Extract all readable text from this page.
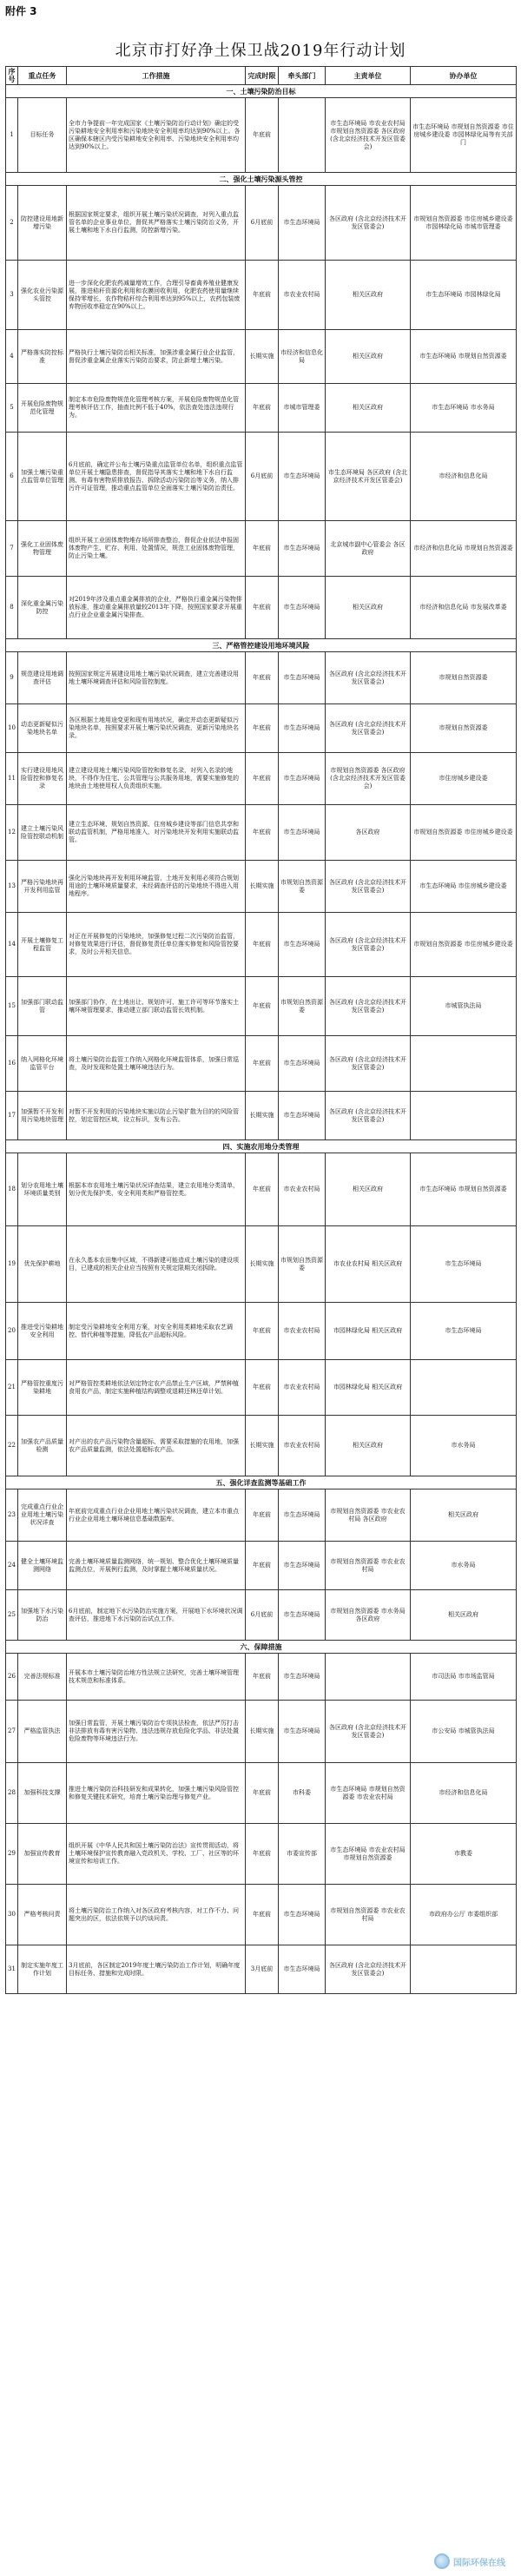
附件 3
北京市打好净土保卫战2019年行动计划
序号	重点任务	工作措施	完成时限	牵头部门	主责单位	协办单位
一、土壤污染防治目标						
1	目标任务	全市力争提前一年完成国家《土壤污染防治行动计划》确定的受污染耕地安全利用率和污染地块安全利用率均达到90%以上。各区确保本辖区内受污染耕地安全利用率、污染地块安全利用率均达到90%以上。	年底前		市生态环境局 市农业农村局 市规划自然资源委 各区政府 (含北京经济技术开发区管委会)	市生态环境局 市规划自然资源委 市住房城乡建设委 市园林绿化局等有关部门
二、强化土壤污染源头管控						
2	防控建设用地新增污染	根据国家规定要求，组织开展土壤污染状况调查，对列入重点监管名单的企业事业单位，督促其严格落实土壤污染防治义务，开展土壤和地下水自行监测，防控新增污染。	6月底前	市生态环境局	各区政府 (含北京经济技术开发区管委会)	市规划自然资源委 市住房城乡建设委 市园林绿化局 市城市管理委
3	强化农业污染源头管控	进一步深化化肥农药减量增效工作，合理引导畜禽养殖业健康发展，推进秸秆资源化利用和农膜回收利用，化肥农药使用量继续保持零增长，农作物秸秆综合利用率达到95%以上，农药包装废弃物回收率稳定在90%以上。	年底前	市农业农村局	相关区政府	市生态环境局 市园林绿化局
4	严格落实防控标准	严格执行土壤污染防治相关标准，加强涉重金属行业企业监管，督促涉重金属企业落实污染防治要求，防止新增土壤污染。	长期实施	市经济和信息化局	相关区政府	市生态环境局 市规划自然资源委
5	开展危险废物规范化管理	制定本市危险废物规范化管理考核方案，开展危险废物规范化管理考核评估工作，抽查比例不低于40%，依法查处违法违规行为。	年底前	市城市管理委	相关区政府	市生态环境局 市水务局
6	加强土壤污染重点监管单位管理	6月底前，确定并公布土壤污染重点监管单位名单，组织重点监管单位开展土壤隐患排查，督促指导其落实土壤和地下水自行监测、有毒有害物质排放报告、拆除活动污染防治等义务，纳入排污许可证管理，推动重点监管单位全面落实土壤污染防治责任。	6月底前	市生态环境局	市生态环境局 各区政府 (含北京经济技术开发区管委会)	市经济和信息化局
7	强化工业固体废物管理	组织开展工业固体废物堆存场所排查整治，督促企业依法申报固体废物产生、贮存、利用、处置情况，规范工业固体废物管理，防止污染土壤。	年底前	市生态环境局	北京城市副中心管委会 各区政府	市经济和信息化局 市规划自然资源委
8	深化重金属污染防控	对2019年涉及重点重金属排放的企业，严格执行重金属污染物排放标准，推动重金属排放量较2013年下降，按照国家要求开展重点行业企业重金属污染排查。	年底前	市生态环境局	相关区政府	市经济和信息化局 市发展改革委
三、严格管控建设用地环境风险						
9	规范建设用地调查评估	按照国家规定开展建设用地土壤污染状况调查，建立完善建设用地土壤环境调查评估和风险管控制度。	年底前	市生态环境局	各区政府 (含北京经济技术开发区管委会)	市规划自然资源委
10	动态更新疑似污染地块名单	各区根据土地用途变更和现有用地状况，确定并动态更新疑似污染地块名单，按照要求开展土壤污染状况调查，更新污染地块名录。	年底前	市生态环境局	各区政府 (含北京经济技术开发区管委会)	市规划自然资源委
11	实行建设用地风险管控和修复名录	建立建设用地土壤污染风险管控和修复名录，对列入名录的地块，不得作为住宅、公共管理与公共服务用地，需要实施修复的地块由土地使用权人负责组织实施。	年底前	市生态环境局	市规划自然资源委 各区政府 (含北京经济技术开发区管委会)	市住房城乡建设委
12	建立土壤污染风险管控联动机制	建立生态环境、规划自然资源、住房城乡建设等部门信息共享和联动监管机制，严格用地准入，对污染地块开发利用实施联动监管。	年底前	市生态环境局	各区政府	市规划自然资源委 市住房城乡建设委
13	严格污染地块再开发利用监管	强化污染地块再开发利用环境监管，土地开发利用必须符合规划用途的土壤环境质量要求，未经调查评估的污染地块不得进入用地程序。	长期实施	市规划自然资源委	各区政府 (含北京经济技术开发区管委会)	市生态环境局 市住房城乡建设委
14	开展土壤修复工程监管	对正在开展修复的污染地块，加强修复过程二次污染防治监管，对修复效果进行评估，督促修复责任单位落实修复和风险管控要求，及时公开相关信息。	年底前	市生态环境局	各区政府 (含北京经济技术开发区管委会)	市规划自然资源委 市住房城乡建设委
15	加强部门联动监管	加强部门协作，在土地出让、规划许可、施工许可等环节落实土壤环境管理要求，推动建立部门联动监管长效机制。	年底前	市规划自然资源委	各区政府 (含北京经济技术开发区管委会)	市城管执法局
16	纳入网格化环境监管平台	将土壤污染防治监管工作纳入网格化环境监管体系，加强日常巡查，及时发现和处置土壤环境违法行为。	年底前	市生态环境局	各区政府 (含北京经济技术开发区管委会)	
17	加强暂不开发利用污染地块管理	对暂不开发利用的污染地块实施以防止污染扩散为目的的风险管控，划定管控区域，设立标识，发布公告。	长期实施	市生态环境局	各区政府 (含北京经济技术开发区管委会)	
四、实施农用地分类管理						
18	划分农用地土壤环境质量类别	根据本市农用地土壤污染状况详查结果，建立农用地分类清单，划分优先保护类、安全利用类和严格管控类。	年底前	市农业农村局	相关区政府	市生态环境局 市规划自然资源委
19	优先保护耕地	在永久基本农田集中区域，不得新建可能造成土壤污染的建设项目，已建成的相关企业应当按照有关规定限期关闭拆除。	长期实施	市规划自然资源委	市农业农村局 相关区政府	市生态环境局
20	推进受污染耕地安全利用	制定受污染耕地安全利用方案，对安全利用类耕地采取农艺调控、替代种植等措施，降低农产品超标风险。	年底前	市农业农村局	市园林绿化局 相关区政府	市生态环境局
21	严格管控重度污染耕地	对严格管控类耕地依法划定特定农产品禁止生产区域，严禁种植食用农产品，制定实施种植结构调整或退耕还林还草计划。	年底前	市农业农村局	市园林绿化局 相关区政府	
22	加强农产品质量检测	对产出的农产品污染物含量超标、需要采取措施的农用地，加强农产品质量监测，依法处置超标农产品。	长期实施	市农业农村局	相关区政府	市水务局
五、强化详查监测等基础工作						
23	完成重点行业企业用地土壤污染状况详查	年底前完成重点行业企业用地土壤污染状况调查，建立本市重点行业企业用地土壤环境信息基础数据库。	年底前	市生态环境局	市规划自然资源委 市农业农村局 各区政府	相关区政府
24	健全土壤环境监测网络	完善土壤环境质量监测网络，统一规划、整合优化土壤环境质量监测点位，开展例行监测，及时掌握土壤环境质量状况。	年底前	市生态环境局	市规划自然资源委 市农业农村局	市水务局
25	加强地下水污染防治	6月底前，制定地下水污染防治实施方案，开展地下水环境状况调查评估，推进地下水污染防治试点工作。	6月底前	市生态环境局	市规划自然资源委 市水务局 各区政府	相关区政府
六、保障措施						
26	完善法规标准	开展本市土壤污染防治地方性法规立法研究，完善土壤环境管理技术规范和标准体系。	年底前	市生态环境局		市司法局 市市场监管局
27	严格监管执法	加强日常监管，开展土壤污染防治专项执法检查，依法严厉打击非法排放有毒有害污染物、违法违规存放危险化学品、非法处置危险废物等环境违法行为。	长期实施	市生态环境局	各区政府 (含北京经济技术开发区管委会)	市公安局 市城管执法局
28	加强科技支撑	推进土壤污染防治科技研发和成果转化，加强土壤污染风险管控和修复关键技术研究，培育土壤污染治理与修复产业。	年底前	市科委	市生态环境局 市规划自然资源委 市农业农村局	市经济和信息化局
29	加强宣传教育	组织开展《中华人民共和国土壤污染防治法》宣传贯彻活动，将土壤环境保护宣传教育融入党政机关、学校、工厂、社区等的环境宣传和培训工作。	年底前	市委宣传部	市生态环境局 市农业农村局 市规划自然资源委	市教委
30	严格考核问责	将土壤污染防治工作纳入对各区政府考核内容，对工作不力、问题突出的区，依法依规予以约谈问责。	年底前	市生态环境局	市规划自然资源委 市农业农村局	市政府办公厅 市委组织部
31	制定实施年度工作计划	3月底前，各区制定2019年度土壤污染防治工作计划，明确年度目标任务、措施和完成时限。	3月底前	市生态环境局	各区政府 (含北京经济技术开发区管委会)	
国际环保在线
